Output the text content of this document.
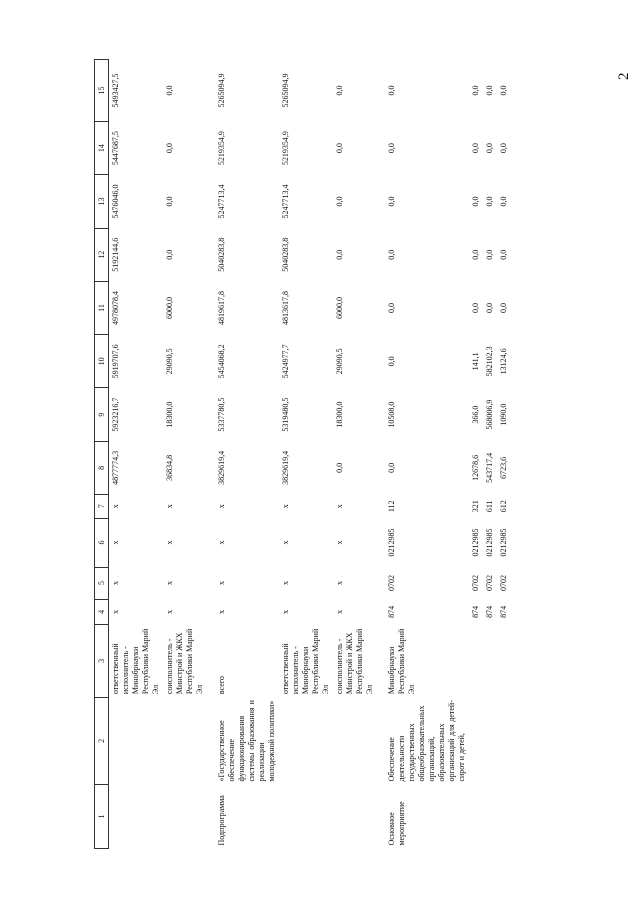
2
1	2	3	4	5	6	7	8	9	10	11	12	13	14	15
		ответственный исполнитель - Минобрнауки Республики Марий Эл	x	x	x	x	4877774,3	5923216,7	5919707,6	4978078,4	5192144,6	5476046,0	5447687,5	5493427,5
		соисполнитель - Минстрой и ЖКХ Республики Марий Эл	x	x	x	x	36834,8	18300,0	29090,5	6000,0	0,0	0,0	0,0	0,0

Подпрограмма	«Государственное обеспечение функционирования системы образования и реализации молодежной политики»	всего	x	x	x	x	3829619,4	5337780,5	5454068,2	4819617,8	5040283,8	5247713,4	5219354,9	5265094,9
		ответственный исполнитель - Минобрнауки Республики Марий Эл	x	x	x	x	3829619,4	5319480,5	5424977,7	4813617,8	5040283,8	5247713,4	5219354,9	5265094,9
		соисполнитель - Минстрой и ЖКХ Республики Марий Эл	x	x	x	x	0,0	18300,0	29090,5	6000,0	0,0	0,0	0,0	0,0

Основное мероприятие	Обеспечение деятельности государственных общеобразовательных организаций, образовательных организаций для детей-сирот и детей,	Минобрнауки Республики Марий Эл	874	0702	0212985	112	0,0	10508,0	0,0	0,0	0,0	0,0	0,0	0,0
			874	0702	0212985	321	12678,6	366,0	141,1	0,0	0,0	0,0	0,0	0,0
			874	0702	0212985	611	543717,4	568006,9	582102,3	0,0	0,0	0,0	0,0	0,0
			874	0702	0212985	612	6723,6	1090,0	13124,6	0,0	0,0	0,0	0,0	0,0
